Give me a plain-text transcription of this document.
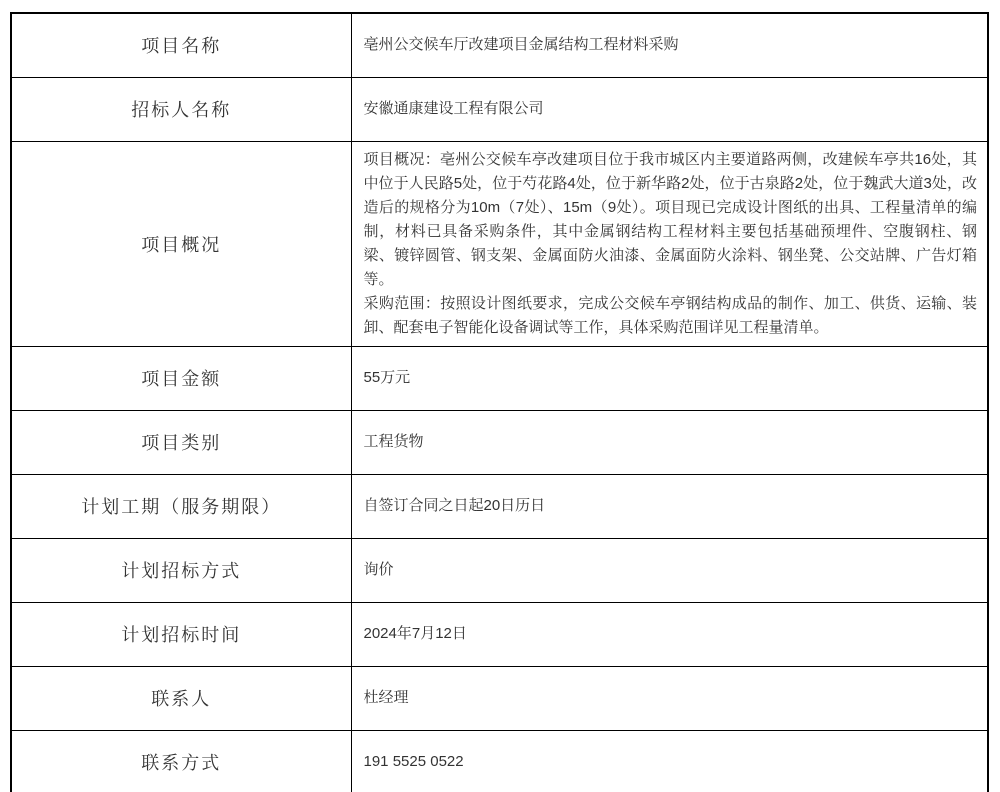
项目名称	亳州公交候车厅改建项目金属结构工程材料采购
招标人名称	安徽通康建设工程有限公司
项目概况	项目概况：亳州公交候车亭改建项目位于我市城区内主要道路两侧，改建候车亭共16处，其中位于人民路5处，位于芍花路4处，位于新华路2处，位于古泉路2处，位于魏武大道3处，改造后的规格分为10m（7处）、15m（9处）。项目现已完成设计图纸的出具、工程量清单的编制，材料已具备采购条件，其中金属钢结构工程材料主要包括基础预埋件、空腹钢柱、钢梁、镀锌圆管、钢支架、金属面防火油漆、金属面防火涂料、钢坐凳、公交站牌、广告灯箱等。

采购范围：按照设计图纸要求，完成公交候车亭钢结构成品的制作、加工、供货、运输、装卸、配套电子智能化设备调试等工作，具体采购范围详见工程量清单。

项目金额	55万元
项目类别	工程货物
计划工期（服务期限）	自签订合同之日起20日历日
计划招标方式	询价
计划招标时间	2024年7月12日
联系人	杜经理
联系方式	191 5525 0522
